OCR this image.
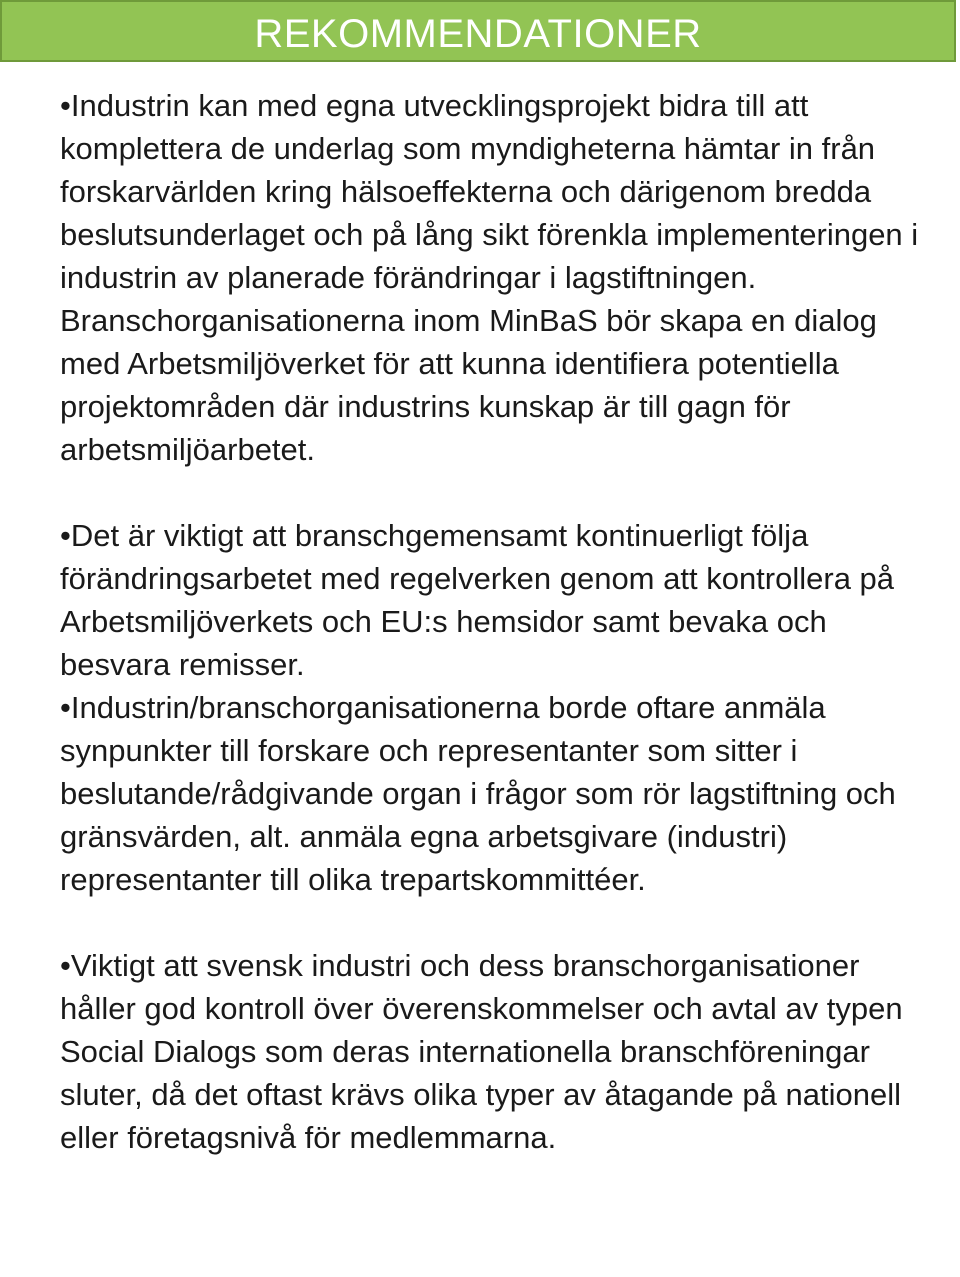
REKOMMENDATIONER

•Industrin kan med egna utvecklingsprojekt bidra till att komplettera de underlag som myndigheterna hämtar in från forskarvärlden kring hälsoeffekterna och därigenom bredda beslutsunderlaget och på lång sikt förenkla implementeringen i industrin av planerade förändringar i lagstiftningen. Branschorganisationerna inom MinBaS bör skapa en dialog med Arbetsmiljöverket för att kunna identifiera potentiella projektområden där industrins kunskap är till gagn för arbetsmiljöarbetet.

•Det är viktigt att branschgemensamt kontinuerligt följa förändringsarbetet med regelverken genom att kontrollera på Arbetsmiljöverkets och EU:s hemsidor samt bevaka och besvara remisser.

•Industrin/branschorganisationerna borde oftare anmäla synpunkter till forskare och representanter som sitter i beslutande/rådgivande organ i frågor som rör lagstiftning och gränsvärden, alt. anmäla egna arbetsgivare (industri) representanter till olika trepartskommittéer.

•Viktigt att svensk industri och dess branschorganisationer håller god kontroll över överenskommelser och avtal av typen Social Dialogs som deras internationella branschföreningar sluter, då det oftast krävs olika typer av åtagande på nationell eller företagsnivå för medlemmarna.
